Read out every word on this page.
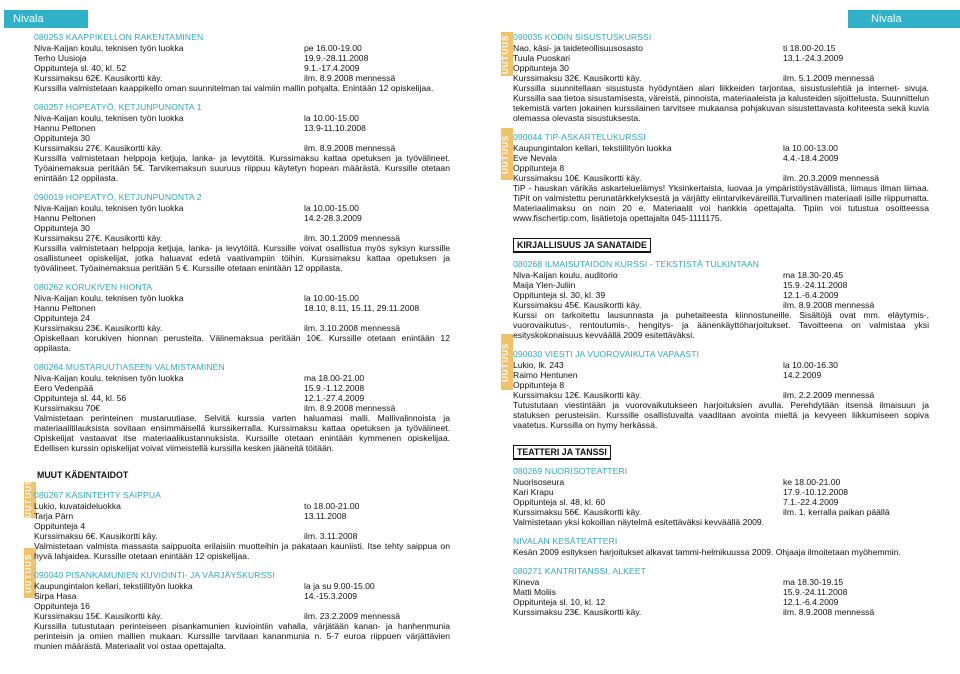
Nivala	Nivala
UUTUUS
UUTUUS
UUTUUS
UUTUUS
UUTUUS
080253 KAAPPIKELLON RAKENTAMINEN
Niva-Kaijan koulu, teknisen työn luokka	pe 16.00-19.00
Terho Uusioja	19.9.-28.11.2008
Oppitunteja sl. 40, kl. 52	9.1.-17.4.2009
Kurssimaksu 62€. Kausikortti käy.	ilm. 8.9.2008 mennessä
Kurssilla valmistetaan kaappikello oman suunnitelman tai valmiin mallin pohjalta. Enintään 12 opiskelijaa.
080257 HOPEATYÖ, KETJUNPUNONTA 1
Niva-Kaijan koulu, teknisen työn luokka	la 10.00-15.00
Hannu Peltonen	13.9-11.10.2008
Oppitunteja 30
Kurssimaksu 27€. Kausikortti käy.	ilm. 8.9.2008 mennessä
Kurssilla valmistetaan helppoja ketjuja, lanka- ja levytöitä. Kurssimaksu kattaa opetuksen ja työvälineet. Työainemaksua peritään 5€. Tarvikemaksun suuruus riippuu käytetyn hopean määrästä. Kurssille otetaan enintään 12 oppilasta.
090019 HOPEATYÖ, KETJUNPUNONTA 2
Niva-Kaijan koulu, teknisen työn luokka	la 10.00-15.00
Hannu Peltonen	14.2-28.3.2009
Oppitunteja 30
Kurssimaksu 27€. Kausikortti käy.	ilm. 30.1.2009 mennessä
Kurssilla valmistetaan helppoja ketjuja, lanka- ja levytöitä. Kurssille voivat osallistua myös syksyn kurssille osallistuneet opiskelijat, jotka haluavat edetä vaativampiin töihin. Kurssimaksu kattaa opetuksen ja työvälineet. Työainemaksua peritään 5 €. Kurssille otetaan enintään 12 oppilasta.
080262 KORUKIVEN HIONTA
Niva-Kaijan koulu, teknisen työn luokka	la 10.00-15.00
Hannu Peltonen	18.10, 8.11, 15.11, 29.11.2008
Oppitunteja 24
Kurssimaksu 23€. Kausikortti käy.	ilm. 3.10.2008 mennessä
Opiskellaan korukiven hionnan perusteita. Välinemaksua peritään 10€. Kurssille otetaan enintään 12 oppilasta.
080264 MUSTARUUTIASEEN VALMISTAMINEN
Niva-Kaijan koulu, teknisen työn luokka	ma 18.00-21.00
Eero Vedenpää	15.9.-1.12.2008
Oppitunteja sl. 44, kl. 56	12.1.-27.4.2009
Kurssimaksu 70€	ilm. 8.9.2008 mennessä
Valmistetaan perinteinen mustaruutiase. Selvitä kurssia varten haluamasi malli. Mallivalinnoista ja materiaalitilauksista sovitaan ensimmäisellä kurssikerralla. Kurssimaksu kattaa opetuksen ja työvälineet. Opiskelijat vastaavat itse materiaalikustannuksista. Kurssille otetaan enintään kymmenen opiskelijaa. Edellisen kurssin opiskelijat voivat viimeistellä kurssilla kesken jääneitä töitään.
MUUT KÄDENTAIDOT
080267 KÄSINTEHTY SAIPPUA
Lukio, kuvataideluokka	to 18.00-21.00
Tarja Pärn	13.11.2008
Oppitunteja 4
Kurssimaksu 6€. Kausikortti käy.	ilm. 3.11.2008
Valmistetaan valmista massasta saippuoita erilaisiin muotteihin ja pakataan kauniisti. Itse tehty saippua on hyvä lahjaidea. Kurssille otetaan enintään 12 opiskelijaa.
090040 PISANKAMUNIEN KUVIOINTI- JA VÄRJÄYSKURSSI
Kaupungintalon kellari, tekstiilityön luokka	la ja su 9.00-15.00
Sirpa Hasa	14.-15.3.2009
Oppitunteja 16
Kurssimaksu 15€. Kausikortti käy.	ilm. 23.2.2009 mennessä
Kurssilla tutustutaan perinteiseen pisankamunien kuviointiin vahalla, värjätään kanan- ja hanhenmunia perinteisin ja omien mallien mukaan. Kurssille tarvitaan kananmunia n. 5-7 euroa riippuen värjättävien munien määrästä. Materiaalit voi ostaa opettajalta.
090035 KODIN SISUSTUSKURSSI
Nao, käsi- ja taideteollisuusosasto	ti 18.00-20.15
Tuula Puoskari	13.1.-24.3.2009
Oppitunteja 30
Kurssimaksu 32€. Kausikortti käy.	ilm. 5.1.2009 mennessä
Kurssilla suunnitellaan sisustusta hyödyntäen alan liikkeiden tarjontaa, sisustuslehtiä ja internet- sivuja. Kurssilla saa tietoa sisustamisesta, väreistä, pinnoista, materiaaleista ja kalusteiden sijoittelusta. Suunnittelun tekemistä varten jokainen kurssilainen tarvitsee mukaansa pohjakuvan sisustettavasta kohteesta sekä kuvia olemassa olevasta sisustuksesta.
090044 TIP-ASKARTELUKURSSI
Kaupungintalon kellari, tekstiilityön luokka	la 10.00-13.00
Eve Nevala	4.4.-18.4.2009
Oppitunteja 8
Kurssimaksu 10€. Kausikortti käy.	ilm. 20.3.2009 mennessä
TiP - hauskan värikäs askarteluelämys! Yksinkertaista, luovaa ja ympäristöystävällistä, liimaus ilman liimaa. TiPit on valmistettu perunatärkkelyksestä ja värjätty elintarvikeväreillä.Turvallinen materiaali isille riippumatta. Materiaalimaksu on noin 20 e. Materiaalit voi hankkia opettajalta. Tipiin voi tutustua osoitteessa www.fischertip.com, lisätietoja opettajalta 045-1111175.
KIRJALLISUUS JA SANATAIDE
080268 ILMAISUTAIDON KURSSI - TEKSTISTÄ TULKINTAAN
Niva-Kaijan koulu, auditorio	ma 18.30-20.45
Maija Ylen-Juliin	15.9.-24.11.2008
Oppitunteja sl. 30, kl. 39	12.1.-6.4.2009
Kurssimaksu 45€. Kausikortti käy.	ilm. 8.9.2008 mennessä
Kurssi on tarkoitettu lausunnasta ja puhetaiteesta kiinnostuneille. Sisältöjä ovat mm. eläytymis-, vuorovaikutus-, rentoutumis-, hengitys- ja äänenkäyttöharjoitukset. Tavoitteena on valmistaa yksi esityskokonaisuus kevväällä 2009 esitettäväksi.
090030 VIESTI JA VUOROVAIKUTA VAPAASTI
Lukio, lk. 243	la 10.00-16.30
Raimo Hentunen	14.2.2009
Oppitunteja 8
Kurssimaksu 12€. Kausikortti käy.	ilm. 2.2.2009 mennessä
Tutustutaan viestintään ja vuorovaikutukseen harjoituksien avulla. Perehdytään itsensä ilmaisuun ja statuksen perusteisiin. Kurssille osallistuvalta vaaditaan avointa mieltä ja kevyeen liikkumiseen sopiva vaatetus. Kurssilla on hymy herkässä.
TEATTERI JA TANSSI
080269 NUORISOTEATTERI
Nuorisoseura	ke 18.00-21.00
Kari Krapu	17.9.-10.12.2008
Oppitunteja sl. 48, kl. 60	7.1.-22.4.2009
Kurssimaksu 56€. Kausikortti käy.	ilm. 1. kerralla paikan päällä
Valmistetaan yksi kokoillan näytelmä esitettäväksi kevväällä 2009.
NIVALAN KESÄTEATTERI
Kesän 2009 esityksen harjoitukset alkavat tammi-helmikuussa 2009. Ohjaaja ilmoitetaan myöhemmin.
080271 KANTRITANSSI, ALKEET
Kineva	ma 18.30-19.15
Matti Moliis	15.9.-24.11.2008
Oppitunteja sl. 10, kl. 12	12.1.-6.4.2009
Kurssimaksu 23€. Kausikortti käy.	ilm. 8.9.2008 mennessä
